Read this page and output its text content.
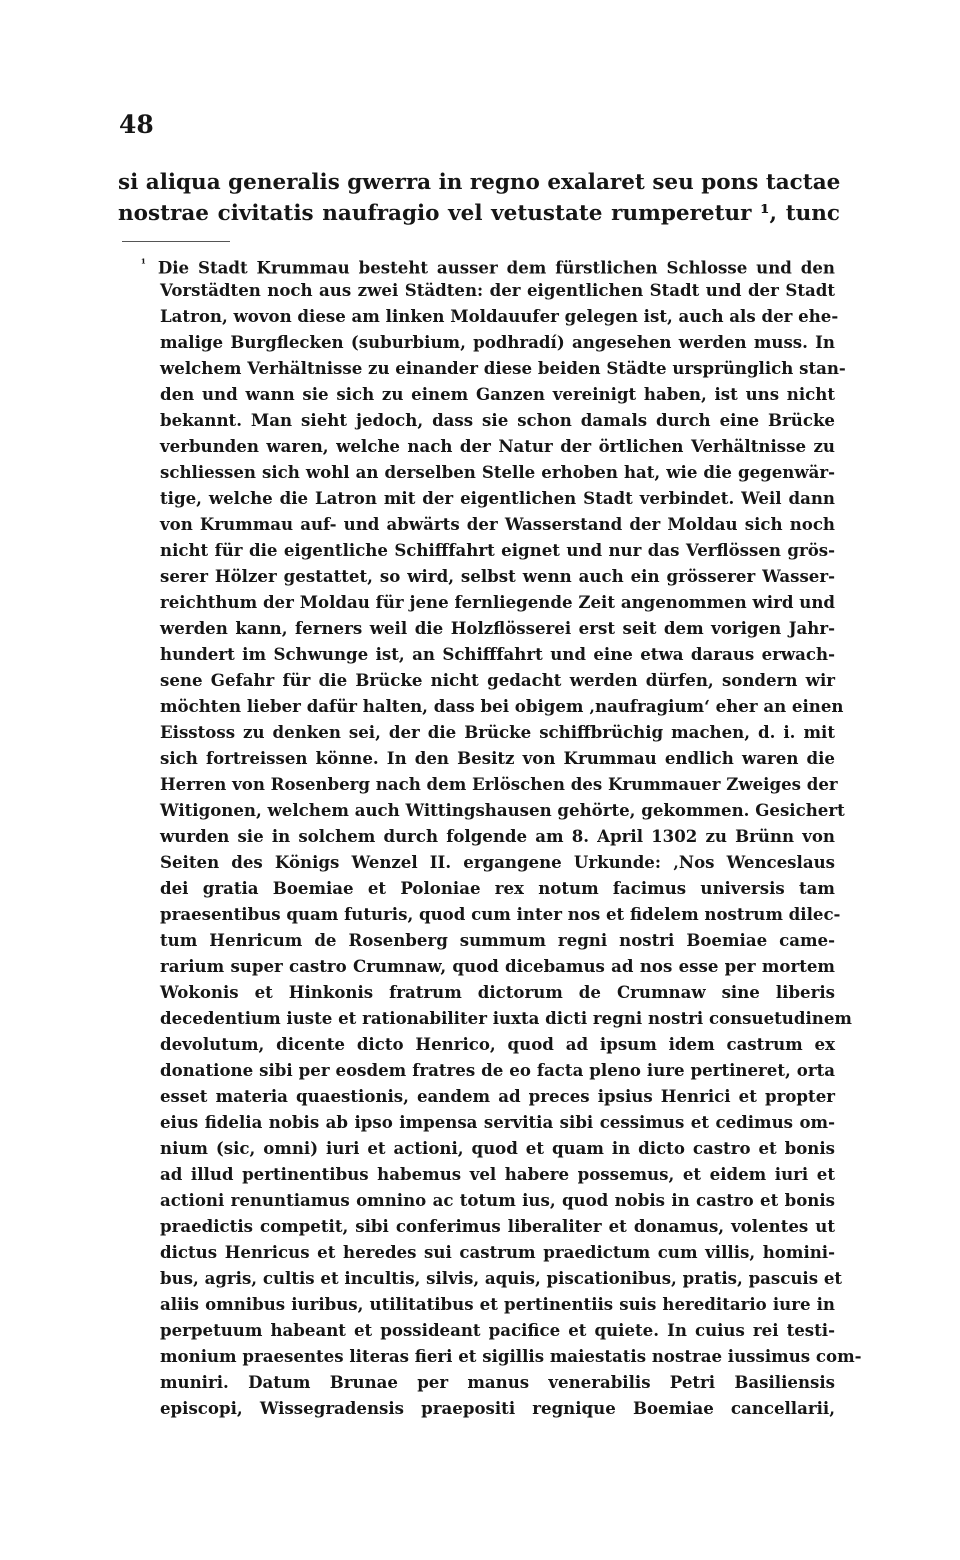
48
si aliqua generalis gwerra in regno exalaret seu pons tactae
nostrae civitatis naufragio vel vetustate rumperetur ¹, tunc
$^{^1}$ Die Stadt Krummau besteht ausser dem fürstlichen Schlosse und den
Vorstädten noch aus zwei Städten: der eigentlichen Stadt und der Stadt
Latron, wovon diese am linken Moldauufer gelegen ist, auch als der ehe-
malige Burgflecken (suburbium, podhradí) angesehen werden muss. In
welchem Verhältnisse zu einander diese beiden Städte ursprünglich stan-
den und wann sie sich zu einem Ganzen vereinigt haben, ist uns nicht
bekannt. Man sieht jedoch, dass sie schon damals durch eine Brücke
verbunden waren, welche nach der Natur der örtlichen Verhältnisse zu
schliessen sich wohl an derselben Stelle erhoben hat, wie die gegenwär-
tige, welche die Latron mit der eigentlichen Stadt verbindet. Weil dann
von Krummau auf- und abwärts der Wasserstand der Moldau sich noch
nicht für die eigentliche Schifffahrt eignet und nur das Verflössen grös-
serer Hölzer gestattet, so wird, selbst wenn auch ein grösserer Wasser-
reichthum der Moldau für jene fernliegende Zeit angenommen wird und
werden kann, ferners weil die Holzflösserei erst seit dem vorigen Jahr-
hundert im Schwunge ist, an Schifffahrt und eine etwa daraus erwach-
sene Gefahr für die Brücke nicht gedacht werden dürfen, sondern wir
möchten lieber dafür halten, dass bei obigem ‚naufragium‘ eher an einen
Eisstoss zu denken sei, der die Brücke schiffbrüchig machen, d. i. mit
sich fortreissen könne. In den Besitz von Krummau endlich waren die
Herren von Rosenberg nach dem Erlöschen des Krummauer Zweiges der
Witigonen, welchem auch Wittingshausen gehörte, gekommen. Gesichert
wurden sie in solchem durch folgende am 8. April 1302 zu Brünn von
Seiten des Königs Wenzel II. ergangene Urkunde: ‚Nos Wenceslaus
dei gratia Boemiae et Poloniae rex notum facimus universis tam
praesentibus quam futuris, quod cum inter nos et fidelem nostrum dilec-
tum Henricum de Rosenberg summum regni nostri Boemiae came-
rarium super castro Crumnaw, quod dicebamus ad nos esse per mortem
Wokonis et Hinkonis fratrum dictorum de Crumnaw sine liberis
decedentium iuste et rationabiliter iuxta dicti regni nostri consuetudinem
devolutum, dicente dicto Henrico, quod ad ipsum idem castrum ex
donatione sibi per eosdem fratres de eo facta pleno iure pertineret, orta
esset materia quaestionis, eandem ad preces ipsius Henrici et propter
eius fidelia nobis ab ipso impensa servitia sibi cessimus et cedimus om-
nium (sic, omni) iuri et actioni, quod et quam in dicto castro et bonis
ad illud pertinentibus habemus vel habere possemus, et eidem iuri et
actioni renuntiamus omnino ac totum ius, quod nobis in castro et bonis
praedictis competit, sibi conferimus liberaliter et donamus, volentes ut
dictus Henricus et heredes sui castrum praedictum cum villis, homini-
bus, agris, cultis et incultis, silvis, aquis, piscationibus, pratis, pascuis et
aliis omnibus iuribus, utilitatibus et pertinentiis suis hereditario iure in
perpetuum habeant et possideant pacifice et quiete. In cuius rei testi-
monium praesentes literas fieri et sigillis maiestatis nostrae iussimus com-
muniri. Datum Brunae per manus venerabilis Petri Basiliensis
episcopi, Wissegradensis praepositi regnique Boemiae cancellarii,
